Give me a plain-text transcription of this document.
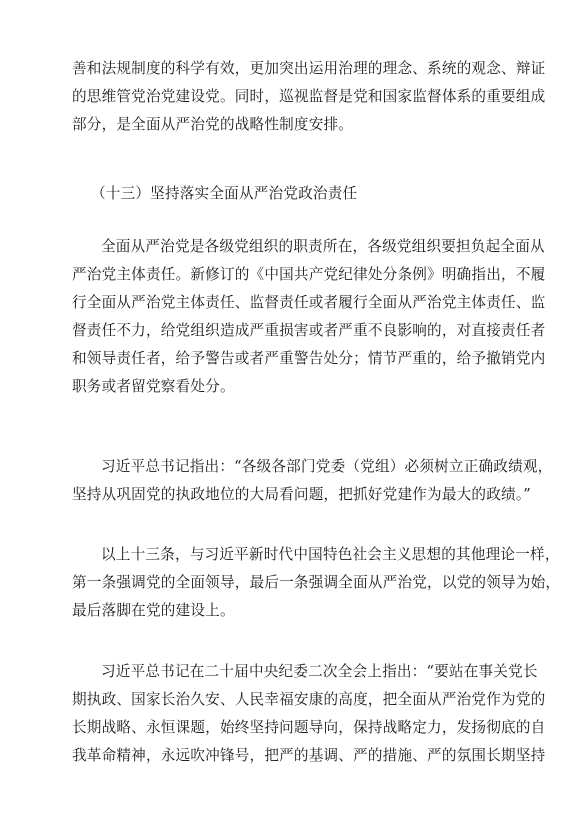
善和法规制度的科学有效，更加突出运用治理的理念、系统的观念、辩证
的思维管党治党建设党。同时，巡视监督是党和国家监督体系的重要组成
部分，是全面从严治党的战略性制度安排。
（十三）坚持落实全面从严治党政治责任
全面从严治党是各级党组织的职责所在，各级党组织要担负起全面从
严治党主体责任。新修订的《中国共产党纪律处分条例》明确指出，不履
行全面从严治党主体责任、监督责任或者履行全面从严治党主体责任、监
督责任不力，给党组织造成严重损害或者严重不良影响的，对直接责任者
和领导责任者，给予警告或者严重警告处分；情节严重的，给予撤销党内
职务或者留党察看处分。
习近平总书记指出：“各级各部门党委（党组）必须树立正确政绩观，
坚持从巩固党的执政地位的大局看问题，把抓好党建作为最大的政绩。”
以上十三条，与习近平新时代中国特色社会主义思想的其他理论一样，
第一条强调党的全面领导，最后一条强调全面从严治党，以党的领导为始，
最后落脚在党的建设上。
习近平总书记在二十届中央纪委二次全会上指出：“要站在事关党长
期执政、国家长治久安、人民幸福安康的高度，把全面从严治党作为党的
长期战略、永恒课题，始终坚持问题导向，保持战略定力，发扬彻底的自
我革命精神，永远吹冲锋号，把严的基调、严的措施、严的氛围长期坚持
